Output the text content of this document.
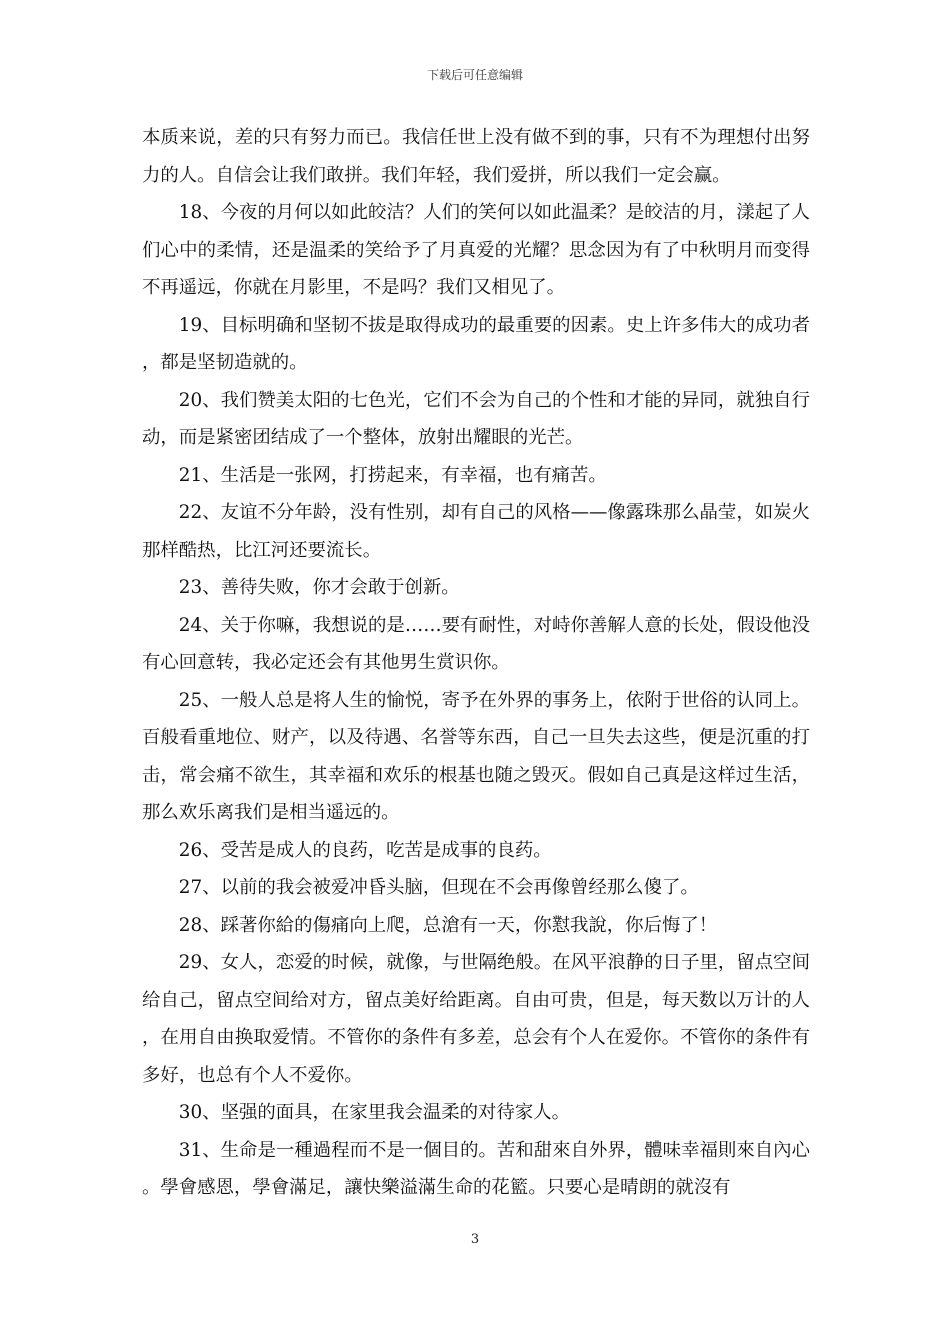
下载后可任意编辑

本质来说，差的只有努力而已。我信任世上没有做不到的事，只有不为理想付出努力的人。自信会让我们敢拼。我们年轻，我们爱拼，所以我们一定会赢。

18、今夜的月何以如此皎洁？人们的笑何以如此温柔？是皎洁的月，漾起了人们心中的柔情，还是温柔的笑给予了月真爱的光耀？思念因为有了中秋明月而变得不再遥远，你就在月影里，不是吗？我们又相见了。

19、目标明确和坚韧不拔是取得成功的最重要的因素。史上许多伟大的成功者，都是坚韧造就的。

20、我们赞美太阳的七色光，它们不会为自己的个性和才能的异同，就独自行动，而是紧密团结成了一个整体，放射出耀眼的光芒。

21、生活是一张网，打捞起来，有幸福，也有痛苦。

22、友谊不分年龄，没有性别，却有自己的风格——像露珠那么晶莹，如炭火那样酷热，比江河还要流长。

23、善待失败，你才会敢于创新。

24、关于你嘛，我想说的是……要有耐性，对峙你善解人意的长处，假设他没有心回意转，我必定还会有其他男生赏识你。

25、一般人总是将人生的愉悦，寄予在外界的事务上，依附于世俗的认同上。百般看重地位、财产，以及待遇、名誉等东西，自己一旦失去这些，便是沉重的打击，常会痛不欲生，其幸福和欢乐的根基也随之毁灭。假如自己真是这样过生活，那么欢乐离我们是相当遥远的。

26、受苦是成人的良药，吃苦是成事的良药。

27、以前的我会被爱冲昏头脑，但现在不会再像曾经那么傻了。

28、踩著你給的傷痛向上爬，总滄有一天，你懟我說，你后悔了！

29、女人，恋爱的时候，就像，与世隔绝般。在风平浪静的日子里，留点空间给自己，留点空间给对方，留点美好给距离。自由可贵，但是，每天数以万计的人，在用自由换取爱情。不管你的条件有多差，总会有个人在爱你。不管你的条件有多好，也总有个人不爱你。

30、坚强的面具，在家里我会温柔的对待家人。

31、生命是一種過程而不是一個目的。苦和甜來自外界，體味幸福則來自內心。學會感恩，學會滿足，讓快樂溢滿生命的花籃。只要心是晴朗的就沒有

3
